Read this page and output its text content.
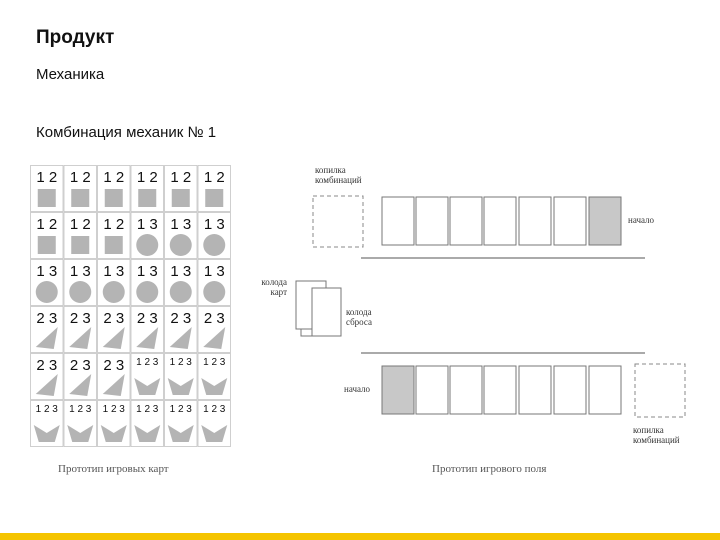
Продукт
Механика
Комбинация механик № 1
1 2
1 2
1 3
2 3
2 3
1 2 3
1 2
1 2
1 3
2 3
2 3
1 2 3
1 2
1 2
1 3
2 3
2 3
1 2 3
1 2
1 3
1 3
2 3
1 2 3
1 2 3
1 2
1 3
1 3
2 3
1 2 3
1 2 3
1 2
1 3
1 3
2 3
1 2 3
1 2 3
Прототип игровых карт
копилка
комбинаций
начало
колода
карт
колода
сброса
начало
копилка
комбинаций
Прототип игрового поля
